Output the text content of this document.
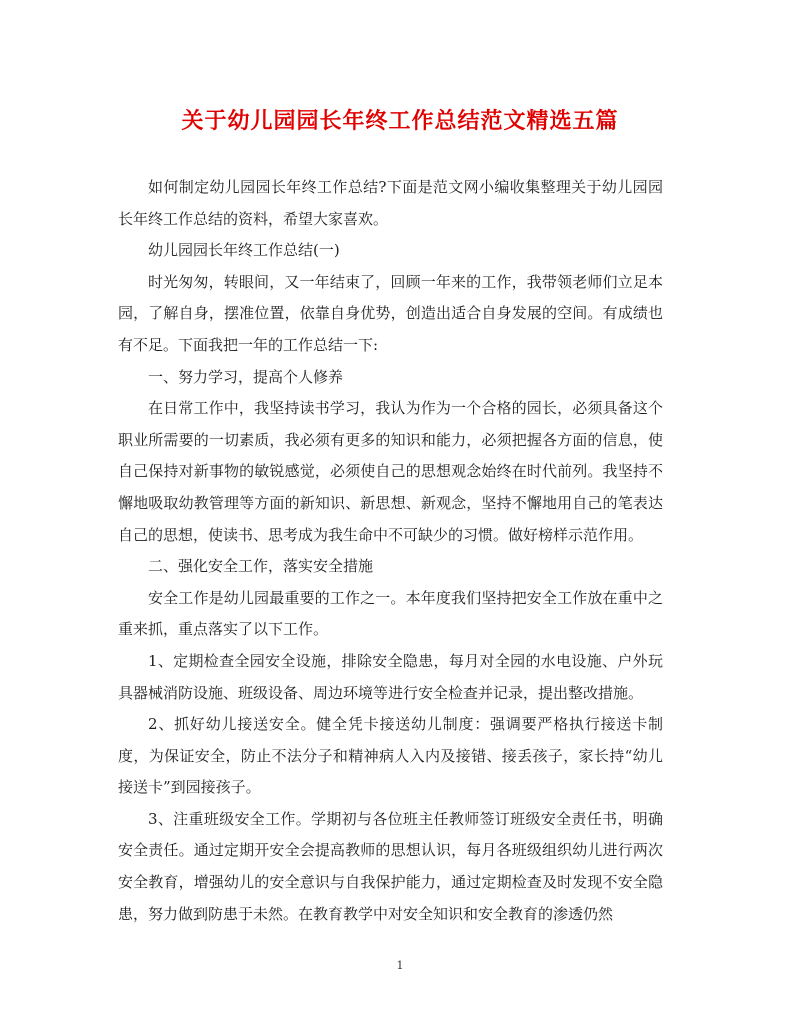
关于幼儿园园长年终工作总结范文精选五篇

如何制定幼儿园园长年终工作总结?下面是范文网小编收集整理关于幼儿园园长年终工作总结的资料，希望大家喜欢。

幼儿园园长年终工作总结(一)

时光匆匆，转眼间，又一年结束了，回顾一年来的工作，我带领老师们立足本园，了解自身，摆准位置，依靠自身优势，创造出适合自身发展的空间。有成绩也有不足。下面我把一年的工作总结一下:

一、努力学习，提高个人修养

在日常工作中，我坚持读书学习，我认为作为一个合格的园长，必须具备这个职业所需要的一切素质，我必须有更多的知识和能力，必须把握各方面的信息，使自己保持对新事物的敏锐感觉，必须使自己的思想观念始终在时代前列。我坚持不懈地吸取幼教管理等方面的新知识、新思想、新观念，坚持不懈地用自己的笔表达自己的思想，使读书、思考成为我生命中不可缺少的习惯。做好榜样示范作用。

二、强化安全工作，落实安全措施

安全工作是幼儿园最重要的工作之一。本年度我们坚持把安全工作放在重中之重来抓，重点落实了以下工作。

1、定期检查全园安全设施，排除安全隐患，每月对全园的水电设施、户外玩具器械消防设施、班级设备、周边环境等进行安全检查并记录，提出整改措施。

2、抓好幼儿接送安全。健全凭卡接送幼儿制度：强调要严格执行接送卡制度，为保证安全，防止不法分子和精神病人入内及接错、接丢孩子，家长持“幼儿接送卡”到园接孩子。

3、注重班级安全工作。学期初与各位班主任教师签订班级安全责任书，明确安全责任。通过定期开安全会提高教师的思想认识，每月各班级组织幼儿进行两次安全教育，增强幼儿的安全意识与自我保护能力，通过定期检查及时发现不安全隐患，努力做到防患于未然。在教育教学中对安全知识和安全教育的渗透仍然

1
